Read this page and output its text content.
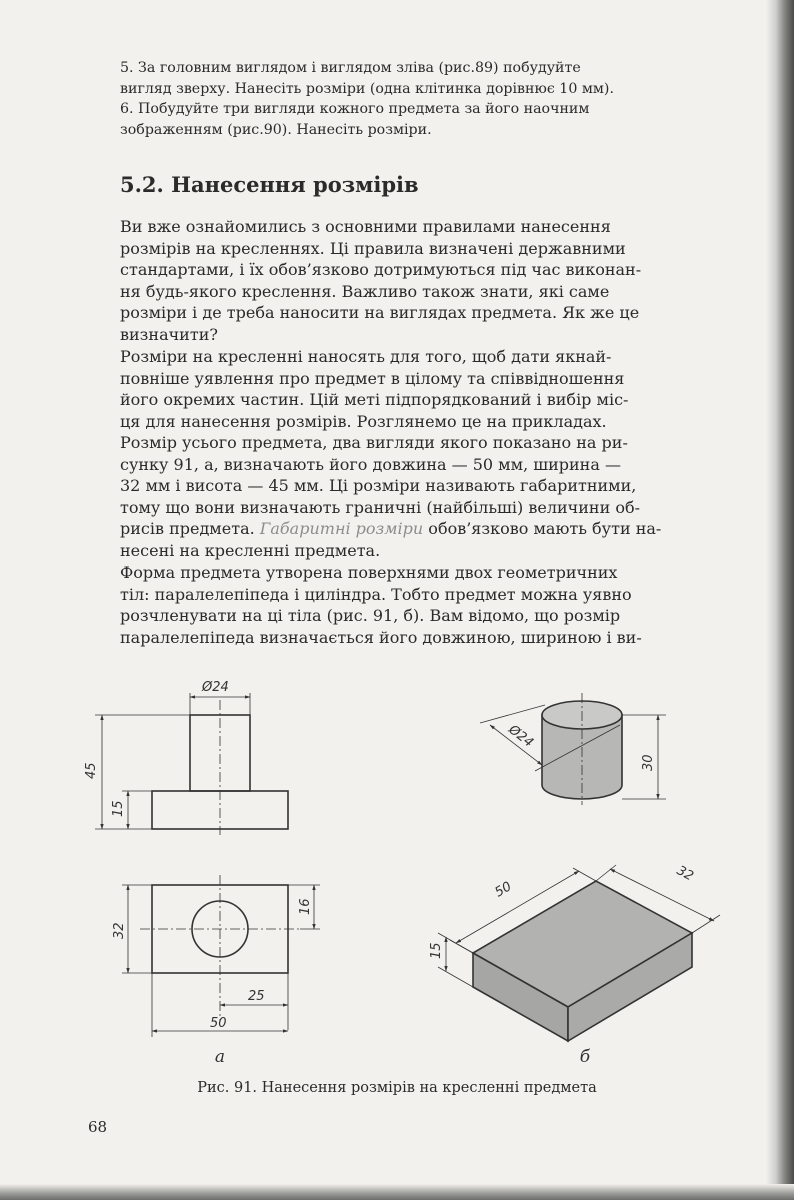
5. За головним виглядом і виглядом зліва (рис.89) побудуйте
вигляд зверху. Нанесіть розміри (одна клітинка дорівнює 10 мм).
6. Побудуйте три вигляди кожного предмета за його наочним
зображенням (рис.90). Нанесіть розміри.
5.2. Нанесення розмірів
Ви вже ознайомились з основними правилами нанесення
розмірів на кресленнях. Ці правила визначені державними
стандартами, і їх обов’язково дотримуються під час виконан-
ня будь-якого креслення. Важливо також знати, які саме
розміри і де треба наносити на виглядах предмета. Як же це
визначити?
Розміри на кресленні наносять для того, щоб дати якнай-
повніше уявлення про предмет в цілому та співвідношення
його окремих частин. Цій меті підпорядкований і вибір міс-
ця для нанесення розмірів. Розглянемо це на прикладах.
Розмір усього предмета, два вигляди якого показано на ри-
сунку 91, а, визначають його довжина — 50 мм, ширина —
32 мм і висота — 45 мм. Ці розміри називають габаритними,
тому що вони визначають граничні (найбільші) величини об-
рисів предмета. Габаритні розміри обов’язково мають бути на-
несені на кресленні предмета.
Форма предмета утворена поверхнями двох геометричних
тіл: паралелепіпеда і циліндра. Тобто предмет можна уявно
розчленувати на ці тіла (рис. 91, б). Вам відомо, що розмір
паралелепіпеда визначається його довжиною, шириною і ви-
Ø24
45
15
32
16
25
50
а
Ø24
30
50
32
15
б
Рис. 91. Нанесення розмірів на кресленні предмета
68
